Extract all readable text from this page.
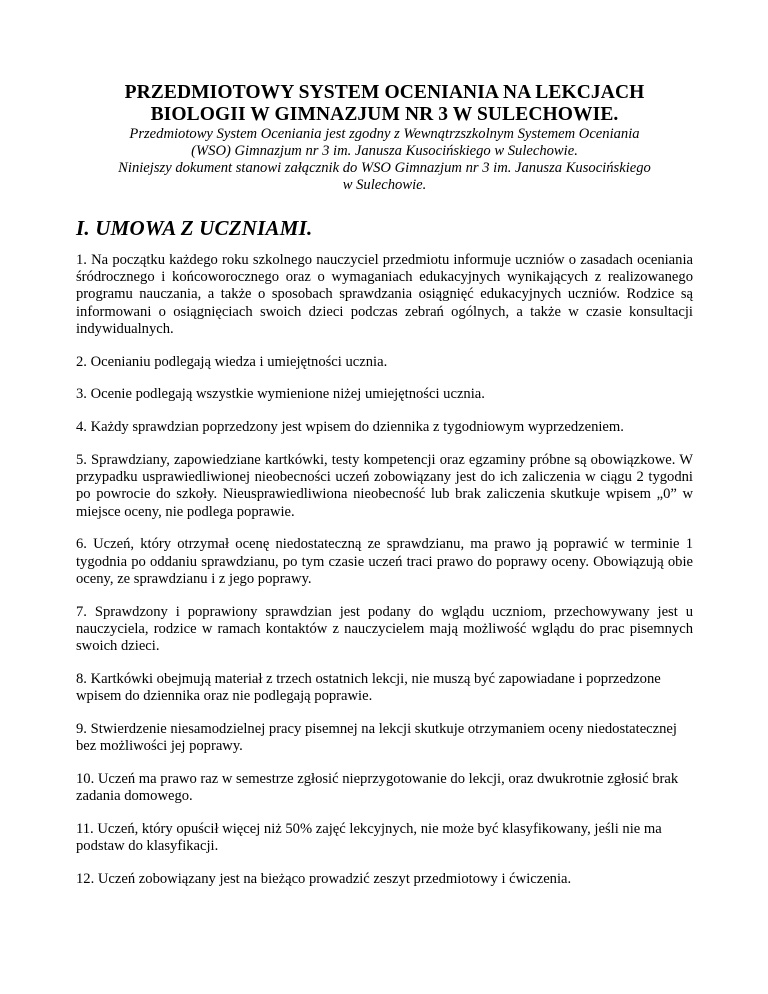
PRZEDMIOTOWY SYSTEM OCENIANIA NA LEKCJACH

BIOLOGII W GIMNAZJUM NR 3 W SULECHOWIE.

Przedmiotowy System Oceniania jest zgodny z Wewnątrzszkolnym Systemem Oceniania

(WSO) Gimnazjum nr 3 im. Janusza Kusocińskiego w Sulechowie.

Niniejszy dokument stanowi załącznik do WSO Gimnazjum nr 3 im. Janusza Kusocińskiego

w Sulechowie.

I. UMOWA Z UCZNIAMI.

1. Na początku każdego roku szkolnego nauczyciel przedmiotu informuje uczniów o zasadach oceniania śródrocznego i końcoworocznego oraz o wymaganiach edukacyjnych wynikających z realizowanego programu nauczania, a także o sposobach sprawdzania osiągnięć edukacyjnych uczniów. Rodzice są informowani o osiągnięciach swoich dzieci podczas zebrań ogólnych, a także w czasie konsultacji indywidualnych.

2. Ocenianiu podlegają wiedza i umiejętności ucznia.

3. Ocenie podlegają wszystkie wymienione niżej umiejętności ucznia.

4. Każdy sprawdzian poprzedzony jest wpisem do dziennika z tygodniowym wyprzedzeniem.

5. Sprawdziany, zapowiedziane kartkówki, testy kompetencji oraz egzaminy próbne są obowiązkowe. W przypadku usprawiedliwionej nieobecności uczeń zobowiązany jest do ich zaliczenia w ciągu 2 tygodni po powrocie do szkoły. Nieusprawiedliwiona nieobecność lub brak zaliczenia skutkuje wpisem „0” w miejsce oceny, nie podlega poprawie.

6. Uczeń, który otrzymał ocenę niedostateczną ze sprawdzianu, ma prawo ją poprawić w terminie 1 tygodnia po oddaniu sprawdzianu, po tym czasie uczeń traci prawo do poprawy oceny. Obowiązują obie oceny, ze sprawdzianu i z jego poprawy.

7. Sprawdzony i poprawiony sprawdzian jest podany do wglądu uczniom, przechowywany jest u nauczyciela, rodzice w ramach kontaktów z nauczycielem mają możliwość wglądu do prac pisemnych swoich dzieci.

8. Kartkówki obejmują materiał z trzech ostatnich lekcji, nie muszą być zapowiadane i poprzedzone wpisem do dziennika oraz nie podlegają poprawie.

9. Stwierdzenie niesamodzielnej pracy pisemnej na lekcji skutkuje otrzymaniem oceny niedostatecznej bez możliwości jej poprawy.

10. Uczeń ma prawo raz w semestrze zgłosić nieprzygotowanie do lekcji, oraz dwukrotnie zgłosić brak zadania domowego.

11. Uczeń, który opuścił więcej niż 50% zajęć lekcyjnych, nie może być klasyfikowany, jeśli nie ma podstaw do klasyfikacji.

12. Uczeń zobowiązany jest na bieżąco prowadzić zeszyt przedmiotowy i ćwiczenia.
